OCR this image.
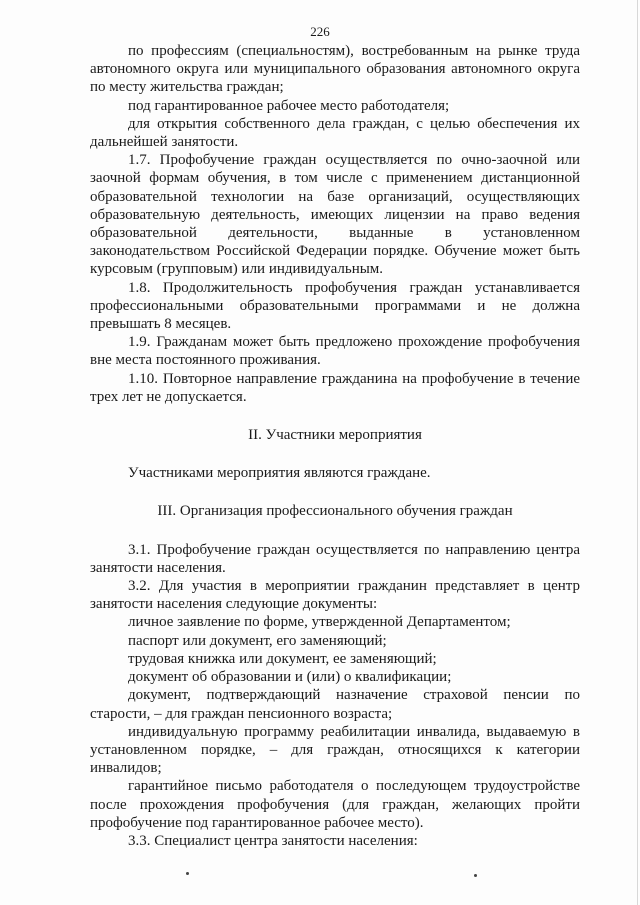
226

по профессиям (специальностям), востребованным на рынке труда автономного округа или муниципального образования автономного округа по месту жительства граждан;

под гарантированное рабочее место работодателя;

для открытия собственного дела граждан, с целью обеспечения их дальнейшей занятости.

1.7. Профобучение граждан осуществляется по очно-заочной или заочной формам обучения, в том числе с применением дистанционной образовательной технологии на базе организаций, осуществляющих образовательную деятельность, имеющих лицензии на право ведения образовательной деятельности, выданные в установленном законодательством Российской Федерации порядке. Обучение может быть курсовым (групповым) или индивидуальным.

1.8. Продолжительность профобучения граждан устанавливается профессиональными образовательными программами и не должна превышать 8 месяцев.

1.9. Гражданам может быть предложено прохождение профобучения вне места постоянного проживания.

1.10. Повторное направление гражданина на профобучение в течение трех лет не допускается.

II. Участники мероприятия

Участниками мероприятия являются граждане.

III. Организация профессионального обучения граждан

3.1. Профобучение граждан осуществляется по направлению центра занятости населения.

3.2. Для участия в мероприятии гражданин представляет в центр занятости населения следующие документы:

личное заявление по форме, утвержденной Департаментом;

паспорт или документ, его заменяющий;

трудовая книжка или документ, ее заменяющий;

документ об образовании и (или) о квалификации;

документ, подтверждающий назначение страховой пенсии по старости, – для граждан пенсионного возраста;

индивидуальную программу реабилитации инвалида, выдаваемую в установленном порядке, – для граждан, относящихся к категории инвалидов;

гарантийное письмо работодателя о последующем трудоустройстве после прохождения профобучения (для граждан, желающих пройти профобучение под гарантированное рабочее место).

3.3. Специалист центра занятости населения:
